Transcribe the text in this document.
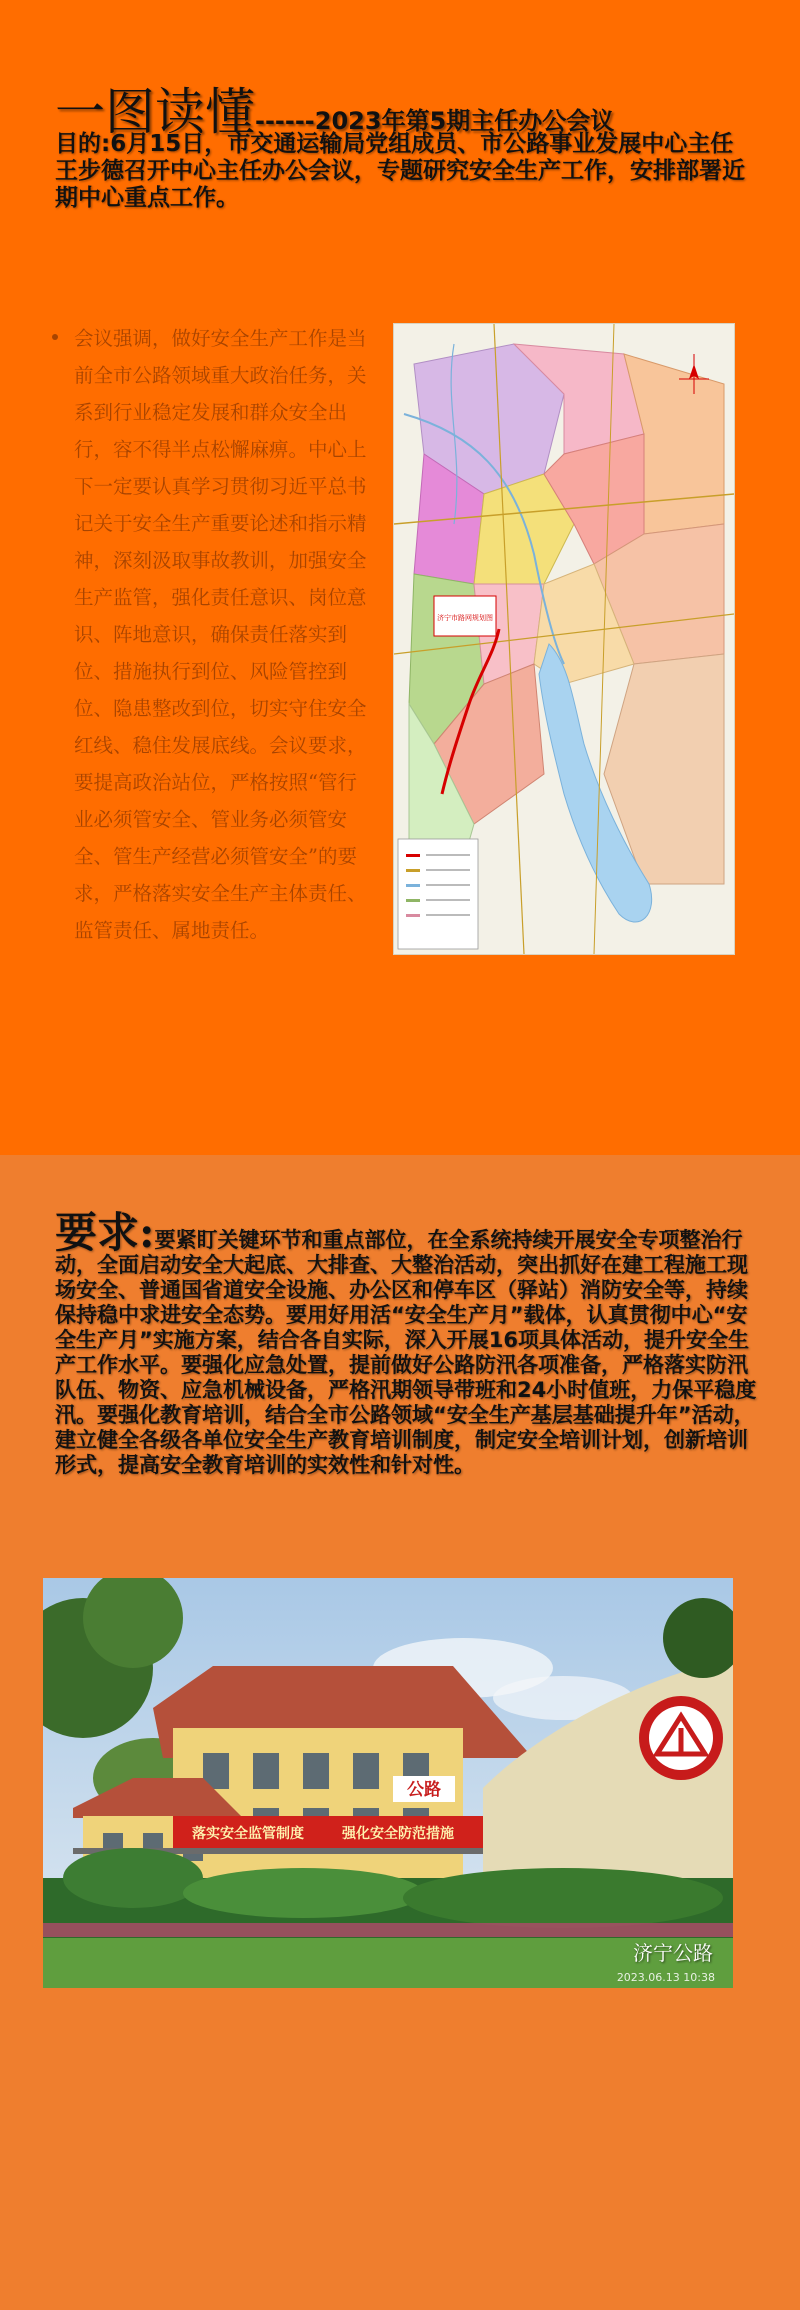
一图读懂------2023年第5期主任办公会议
目的:6月15日，市交通运输局党组成员、市公路事业发展中心主任王步德召开中心主任办公会议，专题研究安全生产工作，安排部署近期中心重点工作。
会议强调，做好安全生产工作是当前全市公路领域重大政治任务，关系到行业稳定发展和群众安全出行，容不得半点松懈麻痹。中心上下一定要认真学习贯彻习近平总书记关于安全生产重要论述和指示精神，深刻汲取事故教训，加强安全生产监管，强化责任意识、岗位意识、阵地意识，确保责任落实到位、措施执行到位、风险管控到位、隐患整改到位，切实守住安全红线、稳住发展底线。会议要求，要提高政治站位，严格按照“管行业必须管安全、管业务必须管安全、管生产经营必须管安全”的要求，严格落实安全生产主体责任、监管责任、属地责任。
济宁市路网规划图
要求:要紧盯关键环节和重点部位，在全系统持续开展安全专项整治行动，全面启动安全大起底、大排查、大整治活动，突出抓好在建工程施工现场安全、普通国省道安全设施、办公区和停车区（驿站）消防安全等，持续保持稳中求进安全态势。要用好用活“安全生产月”载体，认真贯彻中心“安全生产月”实施方案，结合各自实际，深入开展16项具体活动，提升安全生产工作水平。要强化应急处置，提前做好公路防汛各项准备，严格落实防汛队伍、物资、应急机械设备，严格汛期领导带班和24小时值班，力保平稳度汛。要强化教育培训，结合全市公路领域“安全生产基层基础提升年”活动，建立健全各级各单位安全生产教育培训制度，制定安全培训计划，创新培训形式，提高安全教育培训的实效性和针对性。
公路
落实安全监管制度	强化安全防范措施
济宁公路
2023.06.13 10:38
